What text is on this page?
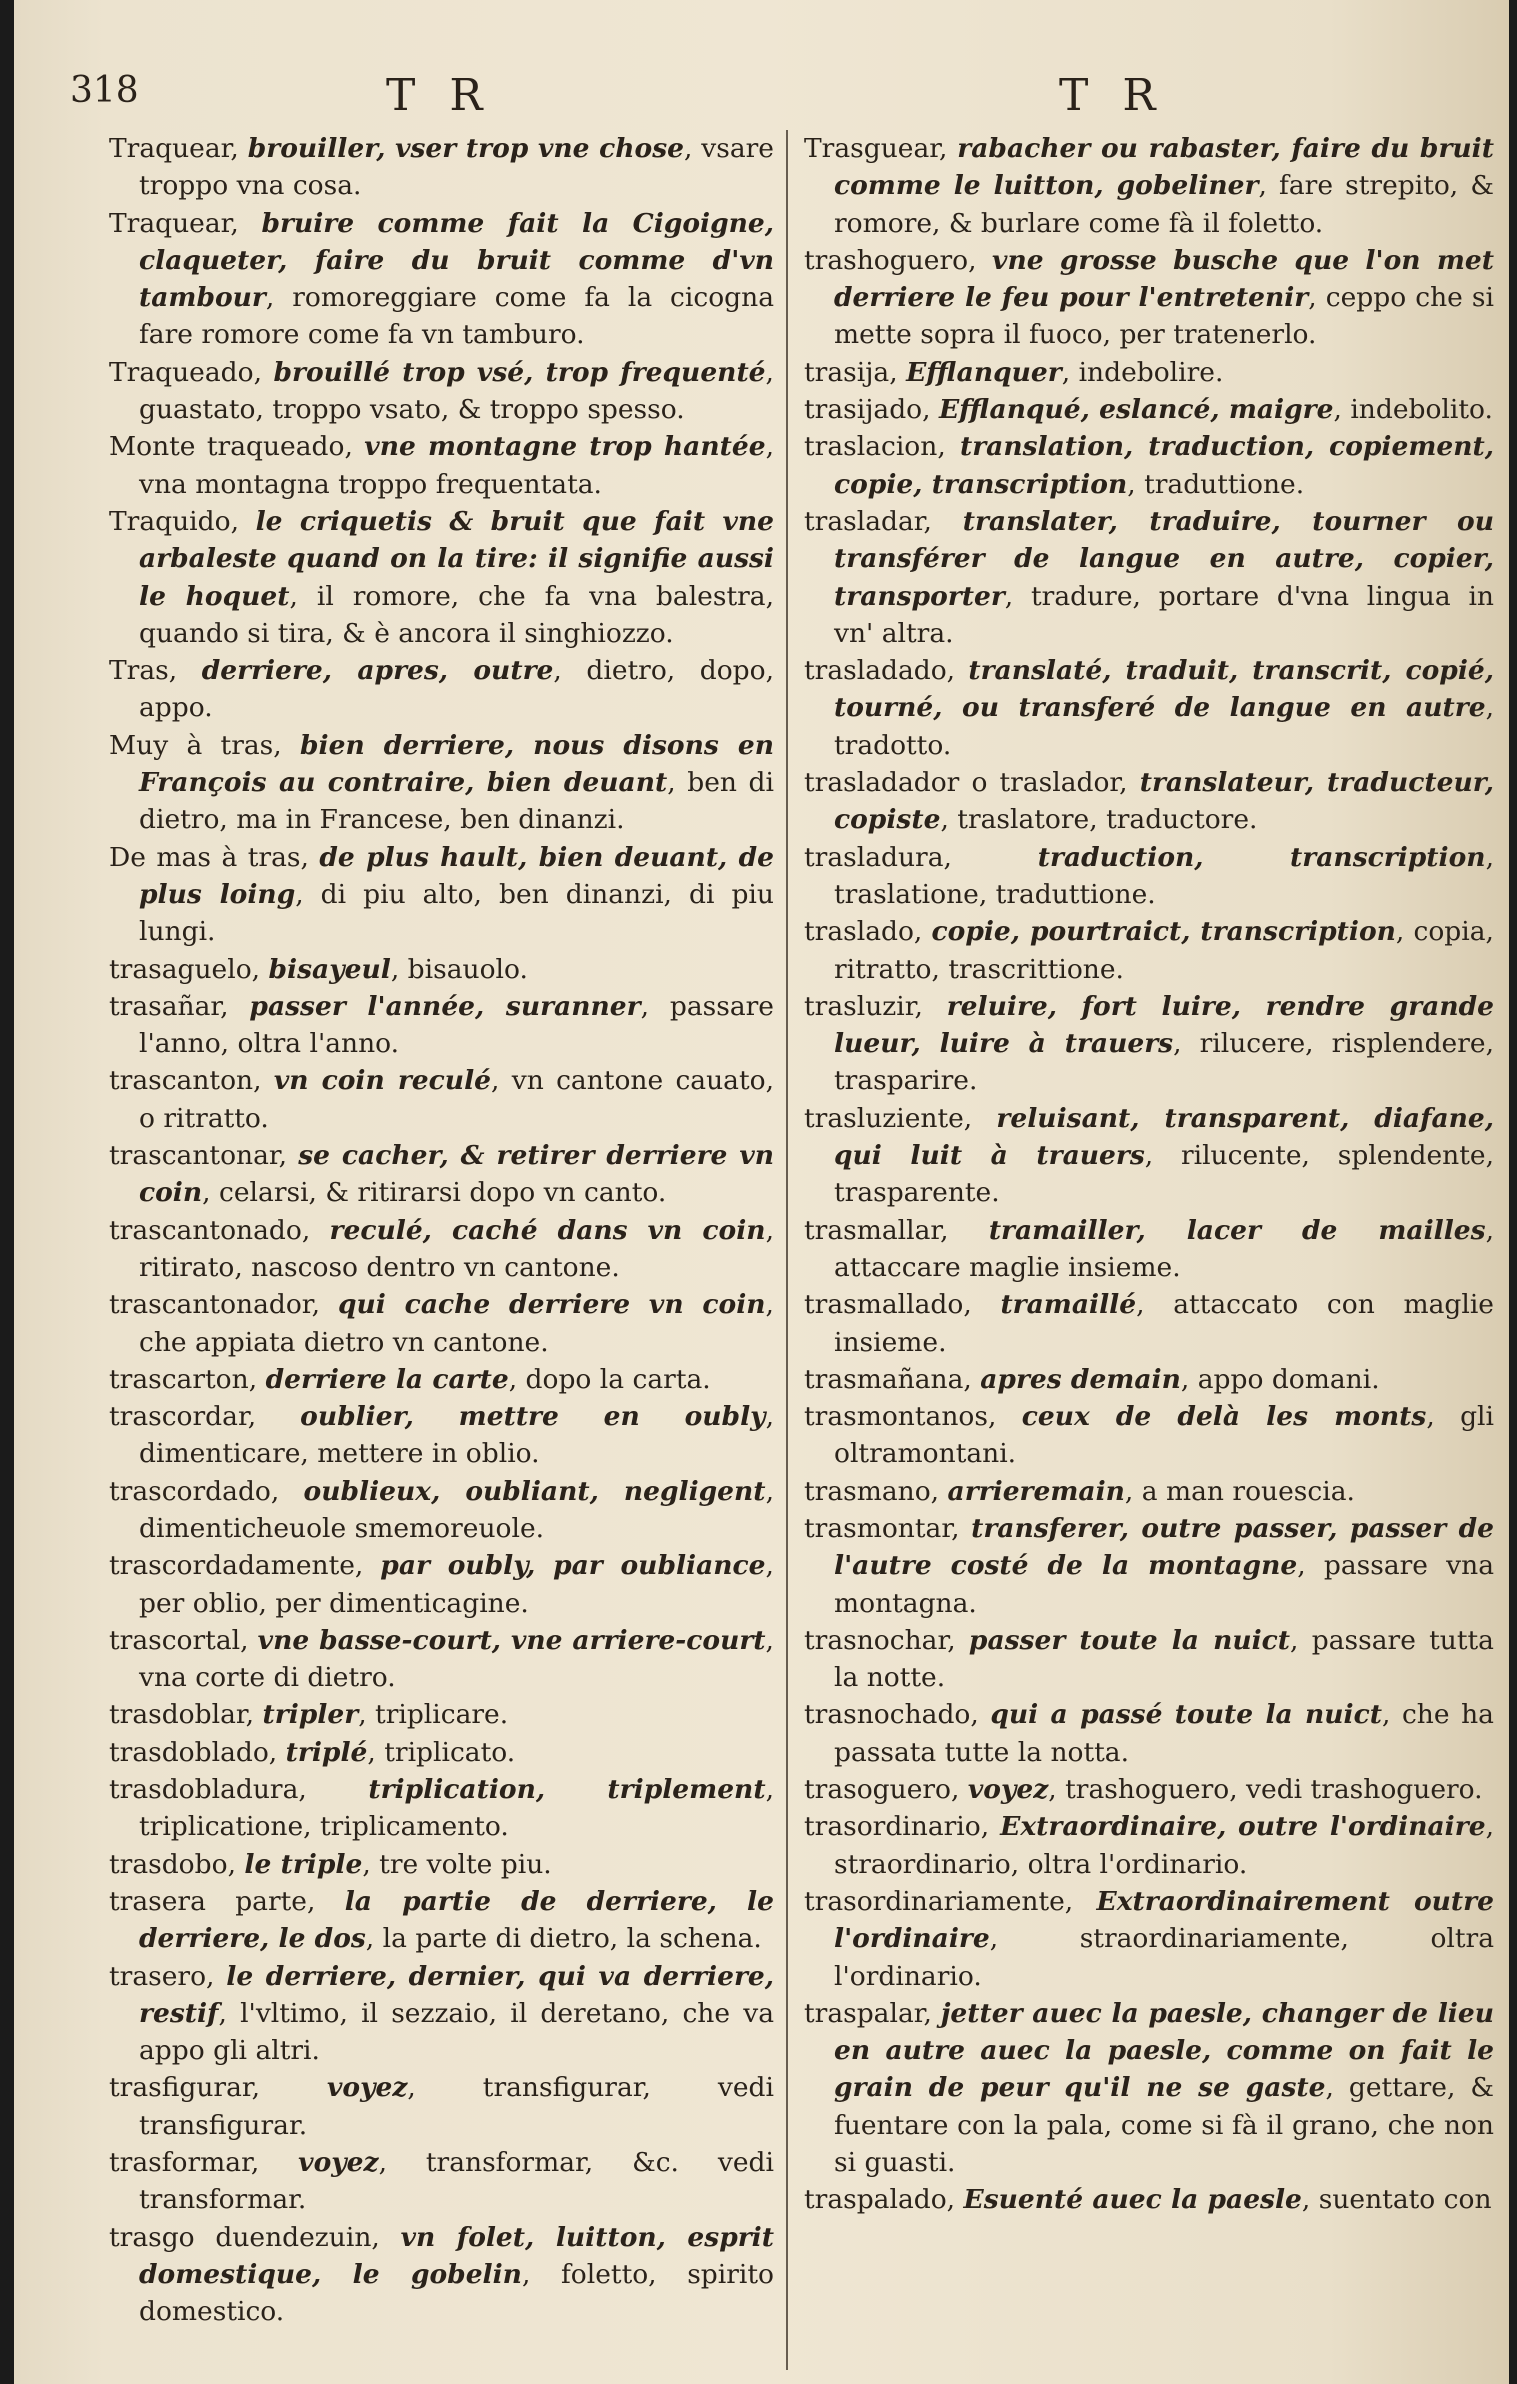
318	T R	T R
Traquear, brouiller, vser trop vne chose, vsare troppo vna cosa.
Traquear, bruire comme fait la Cigoigne, claqueter, faire du bruit comme d'vn tambour, romoreggiare come fa la cicogna fare romore come fa vn tamburo.
Traqueado, brouillé trop vsé, trop frequenté, guastato, troppo vsato, & troppo spesso.
Monte traqueado, vne montagne trop hantée, vna montagna troppo frequentata.
Traquido, le criquetis & bruit que fait vne arbaleste quand on la tire: il signifie aussi le hoquet, il romore, che fa vna balestra, quando si tira, & è ancora il singhiozzo.
Tras, derriere, apres, outre, dietro, dopo, appo.
Muy à tras, bien derriere, nous disons en François au contraire, bien deuant, ben di dietro, ma in Francese, ben dinanzi.
De mas à tras, de plus hault, bien deuant, de plus loing, di piu alto, ben dinanzi, di piu lungi.
trasaguelo, bisayeul, bisauolo.
trasañar, passer l'année, suranner, passare l'anno, oltra l'anno.
trascanton, vn coin reculé, vn cantone cauato, o ritratto.
trascantonar, se cacher, & retirer derriere vn coin, celarsi, & ritirarsi dopo vn canto.
trascantonado, reculé, caché dans vn coin, ritirato, nascoso dentro vn cantone.
trascantonador, qui cache derriere vn coin, che appiata dietro vn cantone.
trascarton, derriere la carte, dopo la carta.
trascordar, oublier, mettre en oubly, dimenticare, mettere in oblio.
trascordado, oublieux, oubliant, negligent, dimenticheuole smemoreuole.
trascordadamente, par oubly, par oubliance, per oblio, per dimenticagine.
trascortal, vne basse-court, vne arriere-court, vna corte di dietro.
trasdoblar, tripler, triplicare.
trasdoblado, triplé, triplicato.
trasdobladura, triplication, triplement, triplicatione, triplicamento.
trasdobo, le triple, tre volte piu.
trasera parte, la partie de derriere, le derriere, le dos, la parte di dietro, la schena.
trasero, le derriere, dernier, qui va derriere, restif, l'vltimo, il sezzaio, il deretano, che va appo gli altri.
trasfigurar, voyez, transfigurar, vedi transfigurar.
trasformar, voyez, transformar, &c. vedi transformar.
trasgo duendezuin, vn folet, luitton, esprit domestique, le gobelin, foletto, spirito domestico.
Trasguear, rabacher ou rabaster, faire du bruit comme le luitton, gobeliner, fare strepito, & romore, & burlare come fà il foletto.
trashoguero, vne grosse busche que l'on met derriere le feu pour l'entretenir, ceppo che si mette sopra il fuoco, per tratenerlo.
trasija, Efflanquer, indebolire.
trasijado, Efflanqué, eslancé, maigre, indebolito.
traslacion, translation, traduction, copiement, copie, transcription, traduttione.
trasladar, translater, traduire, tourner ou transférer de langue en autre, copier, transporter, tradure, portare d'vna lingua in vn' altra.
trasladado, translaté, traduit, transcrit, copié, tourné, ou transferé de langue en autre, tradotto.
trasladador o traslador, translateur, traducteur, copiste, traslatore, traductore.
trasladura, traduction, transcription, traslatione, traduttione.
traslado, copie, pourtraict, transcription, copia, ritratto, trascrittione.
trasluzir, reluire, fort luire, rendre grande lueur, luire à trauers, rilucere, risplendere, trasparire.
trasluziente, reluisant, transparent, diafane, qui luit à trauers, rilucente, splendente, trasparente.
trasmallar, tramailler, lacer de mailles, attaccare maglie insieme.
trasmallado, tramaillé, attaccato con maglie insieme.
trasmañana, apres demain, appo domani.
trasmontanos, ceux de delà les monts, gli oltramontani.
trasmano, arrieremain, a man rouescia.
trasmontar, transferer, outre passer, passer de l'autre costé de la montagne, passare vna montagna.
trasnochar, passer toute la nuict, passare tutta la notte.
trasnochado, qui a passé toute la nuict, che ha passata tutte la notta.
trasoguero, voyez, trashoguero, vedi trashoguero.
trasordinario, Extraordinaire, outre l'ordinaire, straordinario, oltra l'ordinario.
trasordinariamente, Extraordinairement outre l'ordinaire, straordinariamente, oltra l'ordinario.
traspalar, jetter auec la paesle, changer de lieu en autre auec la paesle, comme on fait le grain de peur qu'il ne se gaste, gettare, & fuentare con la pala, come si fà il grano, che non si guasti.
traspalado, Esuenté auec la paesle, suentato con
